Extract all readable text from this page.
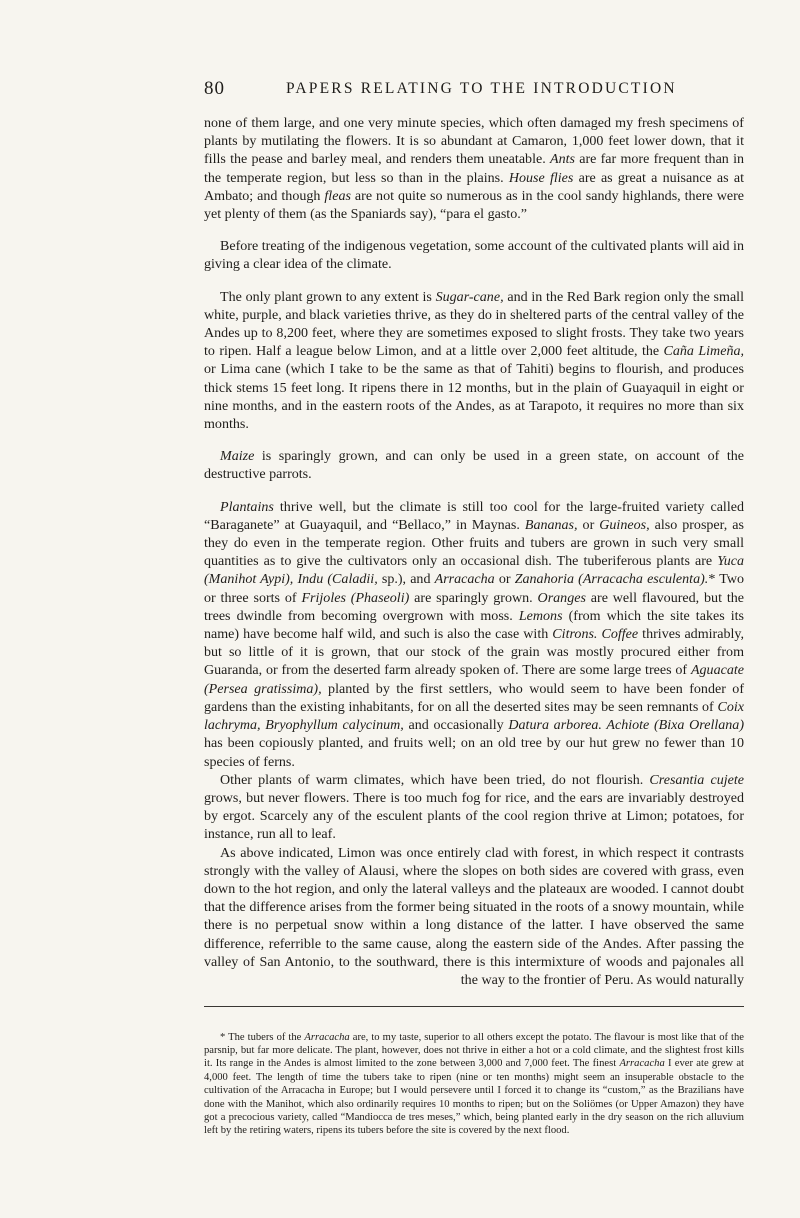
80	PAPERS RELATING TO THE INTRODUCTION

none of them large, and one very minute species, which often damaged my fresh specimens of plants by mutilating the flowers. It is so abundant at Camaron, 1,000 feet lower down, that it fills the pease and barley meal, and renders them uneatable. Ants are far more frequent than in the temperate region, but less so than in the plains. House flies are as great a nuisance as at Ambato; and though fleas are not quite so numerous as in the cool sandy highlands, there were yet plenty of them (as the Spaniards say), “para el gasto.”

Before treating of the indigenous vegetation, some account of the cultivated plants will aid in giving a clear idea of the climate.

The only plant grown to any extent is Sugar-cane, and in the Red Bark region only the small white, purple, and black varieties thrive, as they do in sheltered parts of the central valley of the Andes up to 8,200 feet, where they are sometimes exposed to slight frosts. They take two years to ripen. Half a league below Limon, and at a little over 2,000 feet altitude, the Caña Limeña, or Lima cane (which I take to be the same as that of Tahiti) begins to flourish, and produces thick stems 15 feet long. It ripens there in 12 months, but in the plain of Guayaquil in eight or nine months, and in the eastern roots of the Andes, as at Tarapoto, it requires no more than six months.

Maize is sparingly grown, and can only be used in a green state, on account of the destructive parrots.

Plantains thrive well, but the climate is still too cool for the large-fruited variety called “Baraganete” at Guayaquil, and “Bellaco,” in Maynas. Bananas, or Guineos, also prosper, as they do even in the temperate region. Other fruits and tubers are grown in such very small quantities as to give the cultivators only an occasional dish. The tuberiferous plants are Yuca (Manihot Aypi), Indu (Caladii, sp.), and Arracacha or Zanahoria (Arracacha esculenta).* Two or three sorts of Frijoles (Phaseoli) are sparingly grown. Oranges are well flavoured, but the trees dwindle from becoming overgrown with moss. Lemons (from which the site takes its name) have become half wild, and such is also the case with Citrons. Coffee thrives admirably, but so little of it is grown, that our stock of the grain was mostly procured either from Guaranda, or from the deserted farm already spoken of. There are some large trees of Aguacate (Persea gratissima), planted by the first settlers, who would seem to have been fonder of gardens than the existing inhabitants, for on all the deserted sites may be seen remnants of Coix lachryma, Bryophyllum calycinum, and occasionally Datura arborea. Achiote (Bixa Orellana) has been copiously planted, and fruits well; on an old tree by our hut grew no fewer than 10 species of ferns.

Other plants of warm climates, which have been tried, do not flourish. Cresantia cujete grows, but never flowers. There is too much fog for rice, and the ears are invariably destroyed by ergot. Scarcely any of the esculent plants of the cool region thrive at Limon; potatoes, for instance, run all to leaf.

As above indicated, Limon was once entirely clad with forest, in which respect it contrasts strongly with the valley of Alausi, where the slopes on both sides are covered with grass, even down to the hot region, and only the lateral valleys and the plateaux are wooded. I cannot doubt that the difference arises from the former being situated in the roots of a snowy mountain, while there is no perpetual snow within a long distance of the latter. I have observed the same difference, referrible to the same cause, along the eastern side of the Andes. After passing the valley of San Antonio, to the southward, there is this intermixture of woods and pajonales all the way to the frontier of Peru. As would naturally

* The tubers of the Arracacha are, to my taste, superior to all others except the potato. The flavour is most like that of the parsnip, but far more delicate. The plant, however, does not thrive in either a hot or a cold climate, and the slightest frost kills it. Its range in the Andes is almost limited to the zone between 3,000 and 7,000 feet. The finest Arracacha I ever ate grew at 4,000 feet. The length of time the tubers take to ripen (nine or ten months) might seem an insuperable obstacle to the cultivation of the Arracacha in Europe; but I would persevere until I forced it to change its “custom,” as the Brazilians have done with the Manihot, which also ordinarily requires 10 months to ripen; but on the Soliömes (or Upper Amazon) they have got a precocious variety, called “Mandiocca de tres meses,” which, being planted early in the dry season on the rich alluvium left by the retiring waters, ripens its tubers before the site is covered by the next flood.
